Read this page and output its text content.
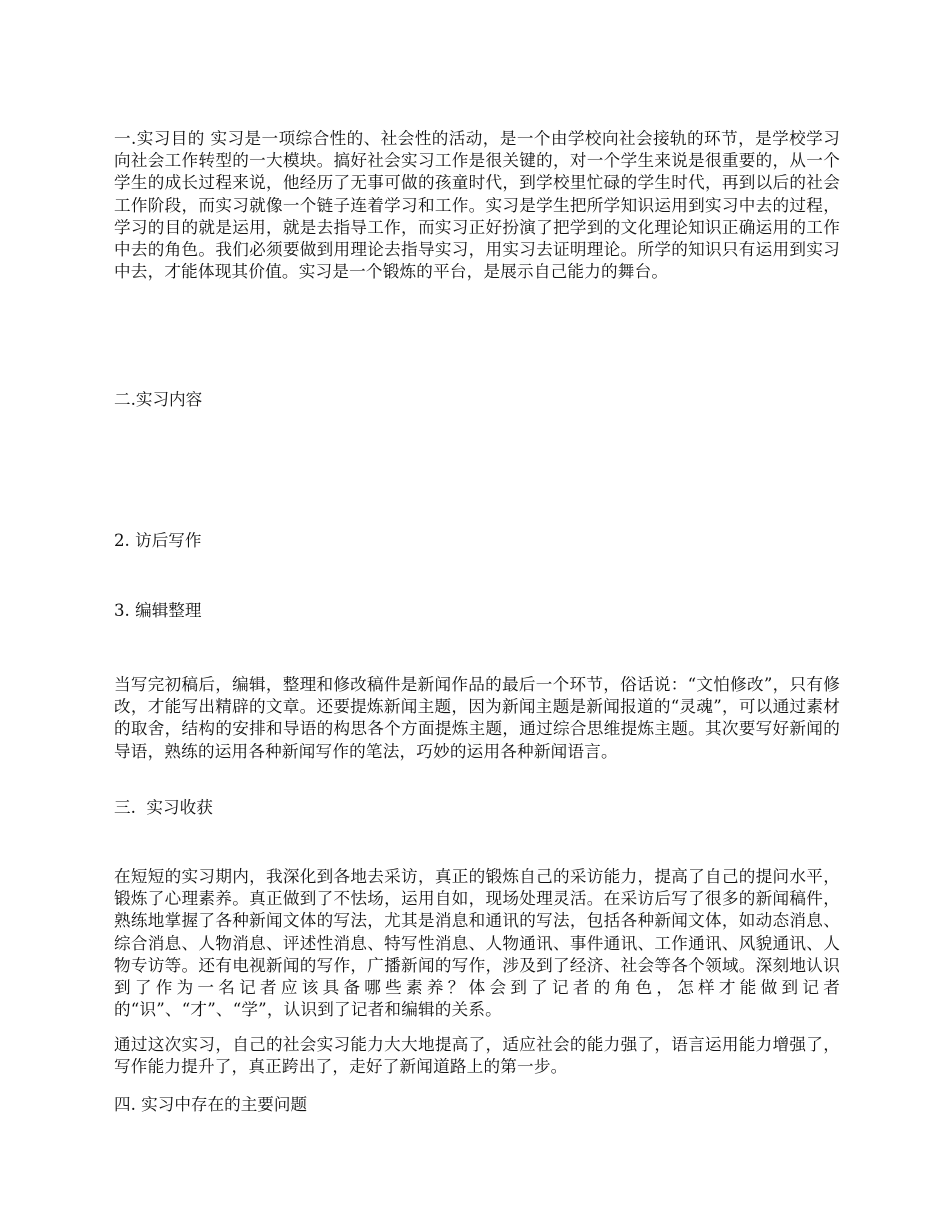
一.实习目的 实习是一项综合性的、社会性的活动，是一个由学校向社会接轨的环节，是学校学习向社会工作转型的一大模块。搞好社会实习工作是很关键的，对一个学生来说是很重要的，从一个学生的成长过程来说，他经历了无事可做的孩童时代，到学校里忙碌的学生时代，再到以后的社会工作阶段，而实习就像一个链子连着学习和工作。实习是学生把所学知识运用到实习中去的过程，学习的目的就是运用，就是去指导工作，而实习正好扮演了把学到的文化理论知识正确运用的工作中去的角色。我们必须要做到用理论去指导实习，用实习去证明理论。所学的知识只有运用到实习中去，才能体现其价值。实习是一个锻炼的平台，是展示自己能力的舞台。

二.实习内容

2. 访后写作

3. 编辑整理

当写完初稿后，编辑，整理和修改稿件是新闻作品的最后一个环节，俗话说：“文怕修改”，只有修改，才能写出精辟的文章。还要提炼新闻主题，因为新闻主题是新闻报道的“灵魂”，可以通过素材的取舍，结构的安排和导语的构思各个方面提炼主题，通过综合思维提炼主题。其次要写好新闻的导语，熟练的运用各种新闻写作的笔法，巧妙的运用各种新闻语言。

三.  实习收获

在短短的实习期内，我深化到各地去采访，真正的锻炼自己的采访能力，提高了自己的提问水平，锻炼了心理素养。真正做到了不怯场，运用自如，现场处理灵活。在采访后写了很多的新闻稿件，熟练地掌握了各种新闻文体的写法，尤其是消息和通讯的写法，包括各种新闻文体，如动态消息、综合消息、人物消息、评述性消息、特写性消息、人物通讯、事件通讯、工作通讯、风貌通讯、人物专访等。还有电视新闻的写作，广播新闻的写作，涉及到了经济、社会等各个领域。深刻地认识到了作为一名记者应该具备哪些素养？体会到了记者的角色，怎样才能做到记者的“识”、“才”、“学”，认识到了记者和编辑的关系。

通过这次实习，自己的社会实习能力大大地提高了，适应社会的能力强了，语言运用能力增强了，写作能力提升了，真正跨出了，走好了新闻道路上的第一步。

四. 实习中存在的主要问题
